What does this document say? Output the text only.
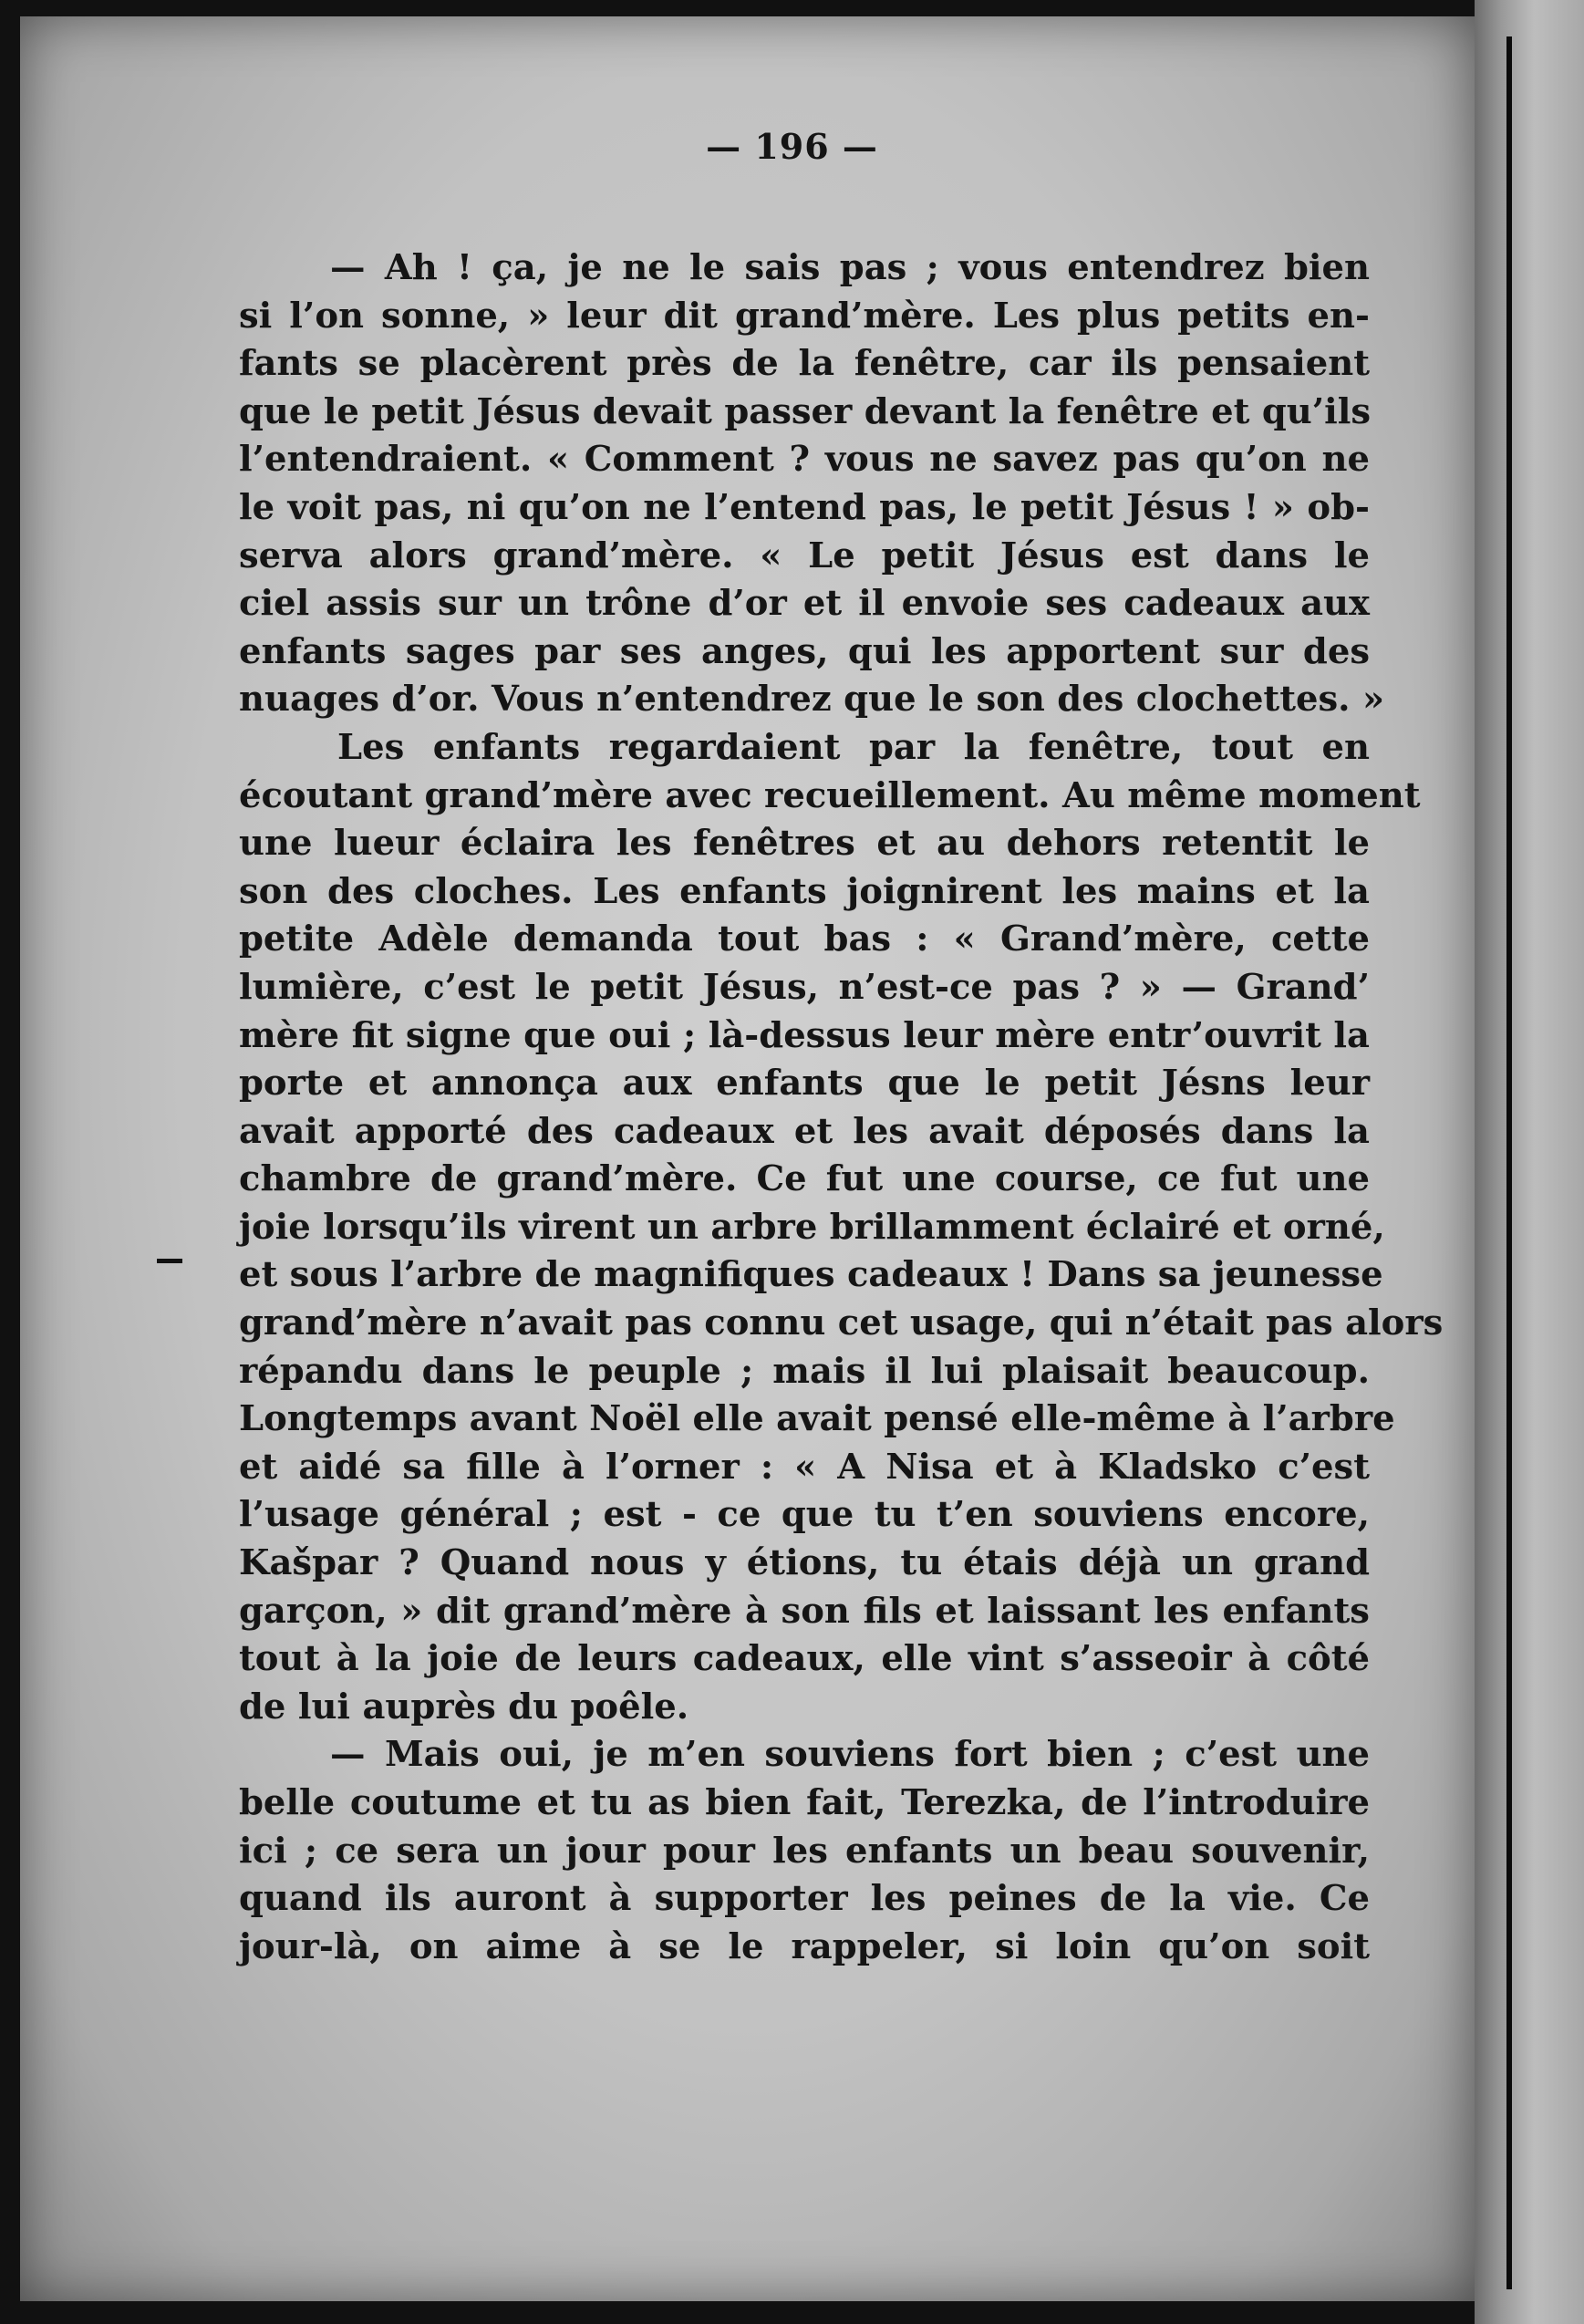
— 196 —
— Ah ! ça, je ne le sais pas ; vous entendrez bien
si l’on sonne, » leur dit grand’mère. Les plus petits en-
fants se placèrent près de la fenêtre, car ils pensaient
que le petit Jésus devait passer devant la fenêtre et qu’ils
l’entendraient. « Comment ? vous ne savez pas qu’on ne
le voit pas, ni qu’on ne l’entend pas, le petit Jésus ! » ob-
serva alors grand’mère. « Le petit Jésus est dans le
ciel assis sur un trône d’or et il envoie ses cadeaux aux
enfants sages par ses anges, qui les apportent sur des
nuages d’or. Vous n’entendrez que le son des clochettes. »
Les enfants regardaient par la fenêtre, tout en
écoutant grand’mère avec recueillement. Au même moment
une lueur éclaira les fenêtres et au dehors retentit le
son des cloches. Les enfants joignirent les mains et la
petite Adèle demanda tout bas : « Grand’mère, cette
lumière, c’est le petit Jésus, n’est-ce pas ? » — Grand’
mère fit signe que oui ; là-dessus leur mère entr’ouvrit la
porte et annonça aux enfants que le petit Jésns leur
avait apporté des cadeaux et les avait déposés dans la
chambre de grand’mère. Ce fut une course, ce fut une
joie lorsqu’ils virent un arbre brillamment éclairé et orné,
et sous l’arbre de magnifiques cadeaux ! Dans sa jeunesse
grand’mère n’avait pas connu cet usage, qui n’était pas alors
répandu dans le peuple ; mais il lui plaisait beaucoup.
Longtemps avant Noël elle avait pensé elle-même à l’arbre
et aidé sa fille à l’orner : « A Nisa et à Kladsko c’est
l’usage général ; est - ce que tu t’en souviens encore,
Kašpar ? Quand nous y étions, tu étais déjà un grand
garçon, » dit grand’mère à son fils et laissant les enfants
tout à la joie de leurs cadeaux, elle vint s’asseoir à côté
de lui auprès du poêle.
— Mais oui, je m’en souviens fort bien ; c’est une
belle coutume et tu as bien fait, Terezka, de l’introduire
ici ; ce sera un jour pour les enfants un beau souvenir,
quand ils auront à supporter les peines de la vie. Ce
jour-là, on aime à se le rappeler, si loin qu’on soit
